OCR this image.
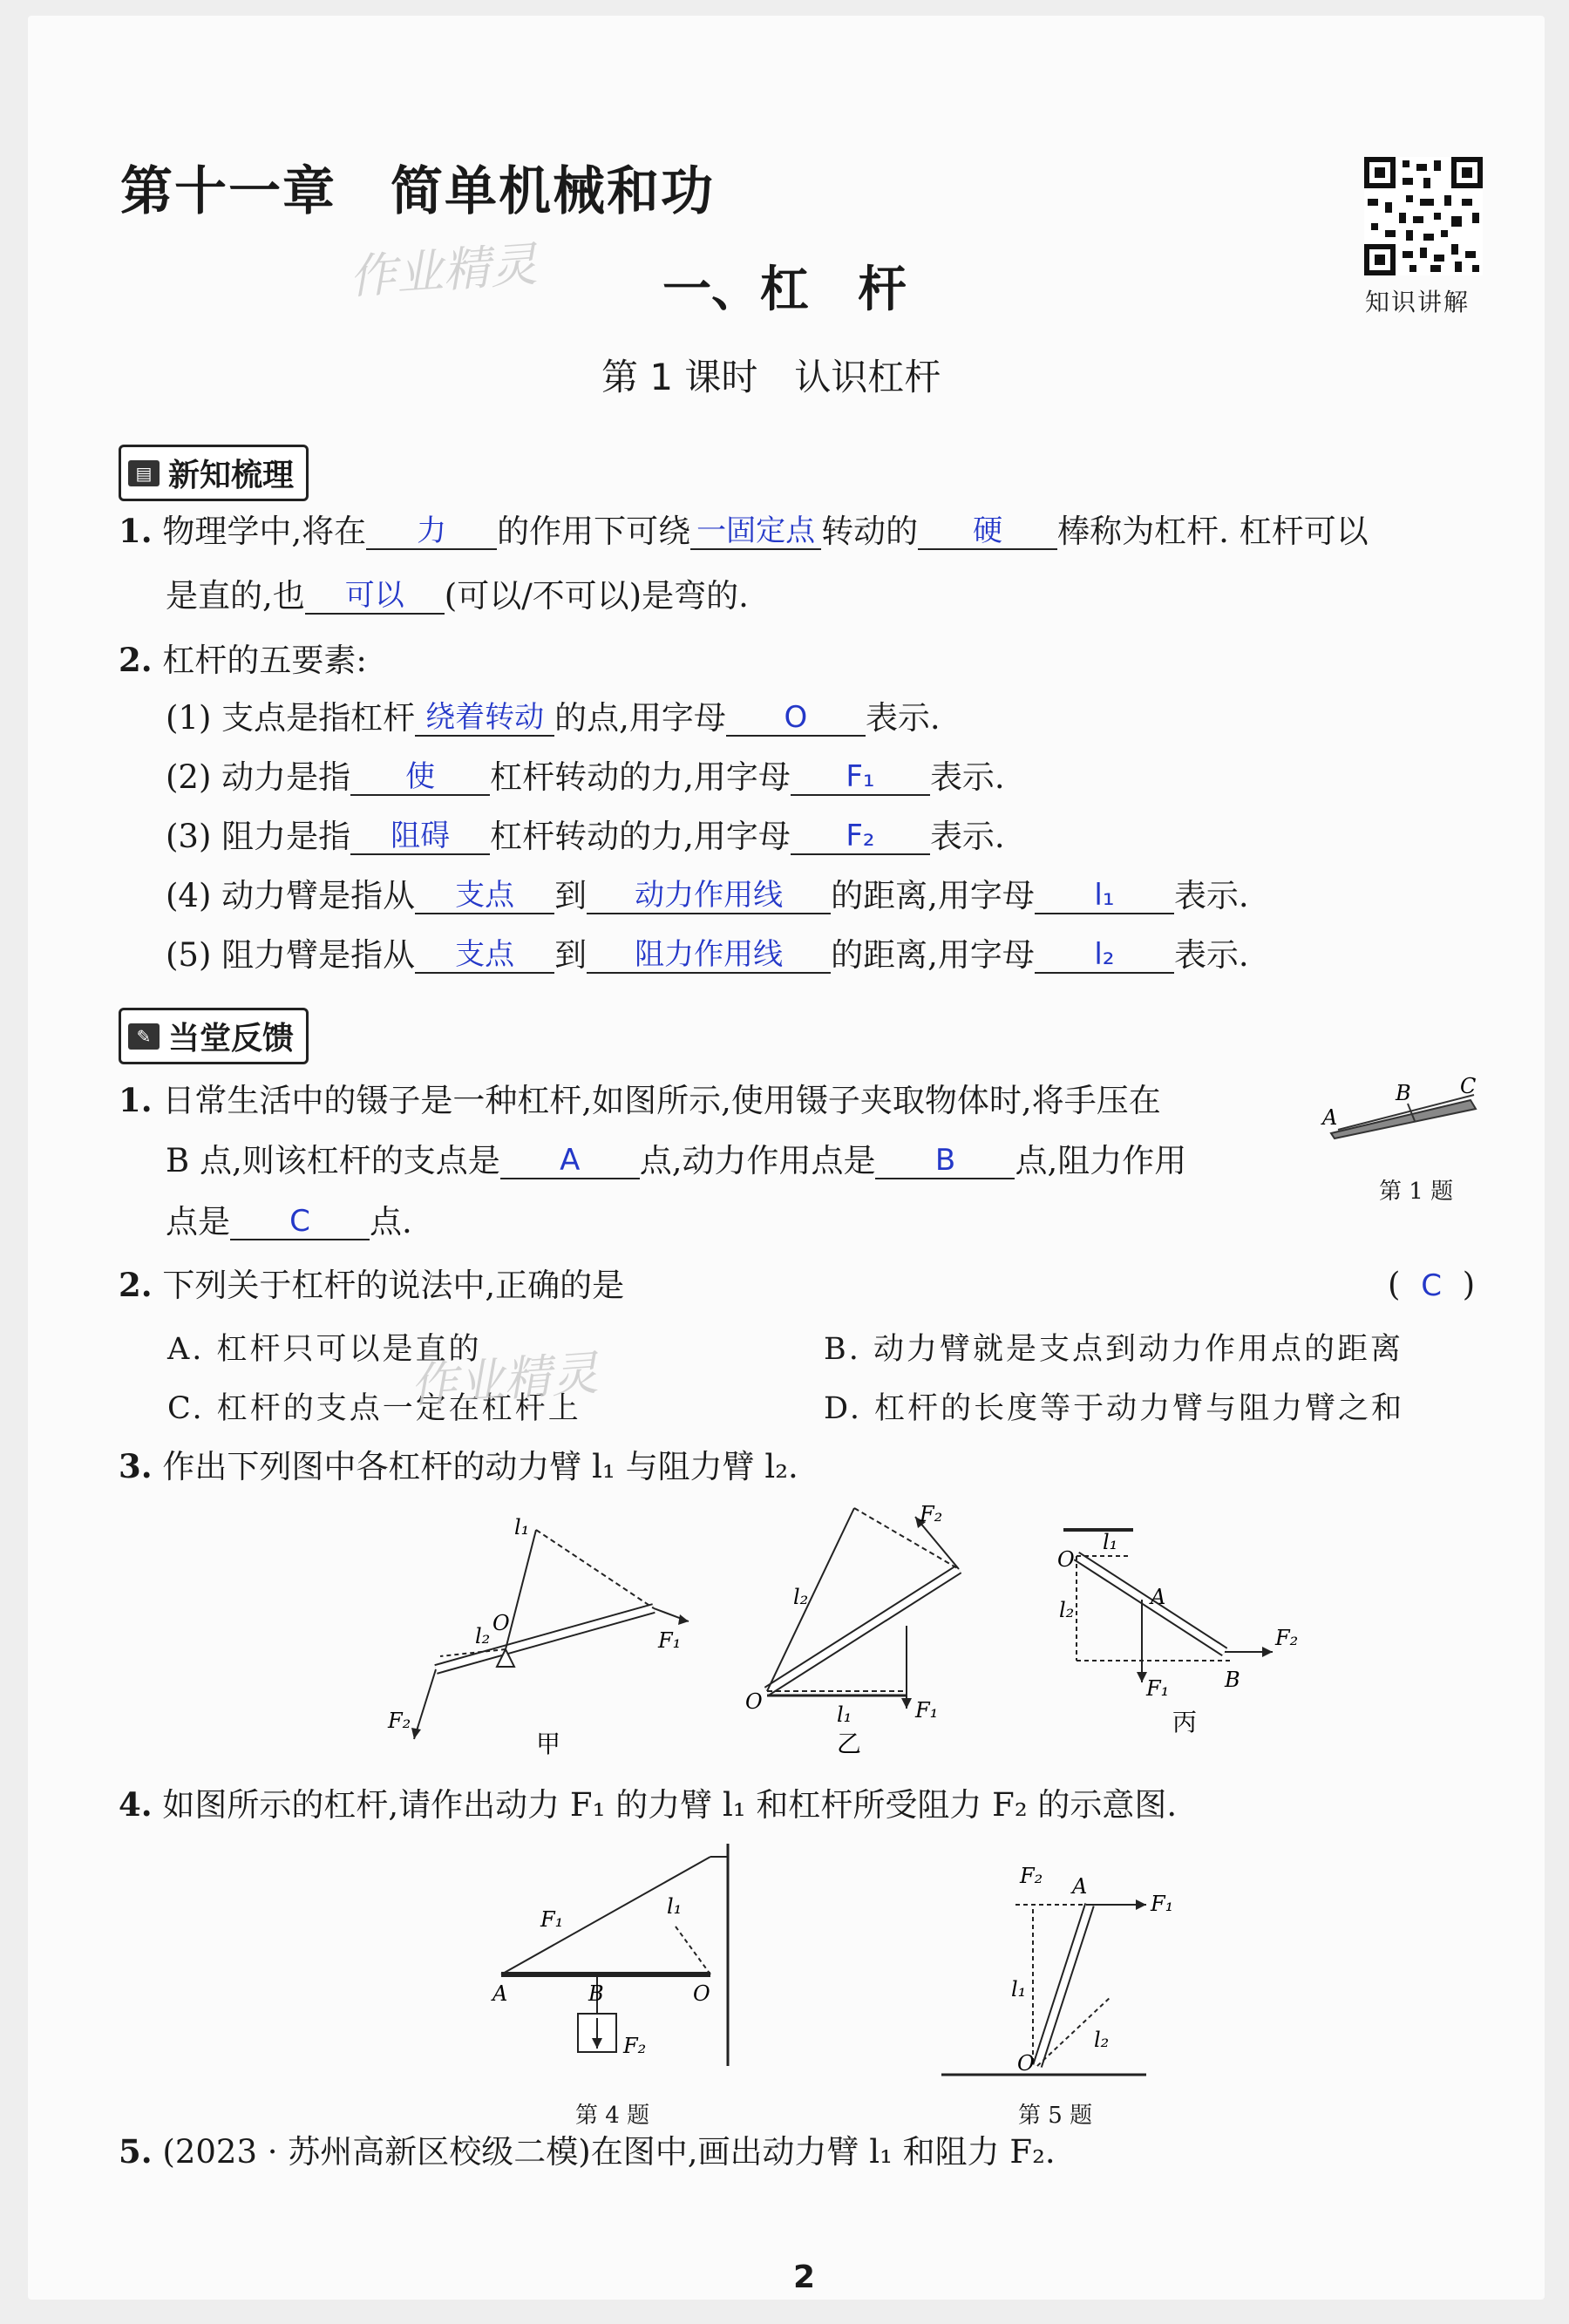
第十一章　简单机械和功
作业精灵	一、杠　杆
第 1 课时　认识杠杆
知识讲解
▤ 新知梳理
1. 物理学中,将在 力 的作用下可绕 一固定点 转动的 硬 棒称为杠杆. 杠杆可以
是直的,也 可以 (可以/不可以)是弯的.
2. 杠杆的五要素:
(1) 支点是指杠杆 绕着转动 的点,用字母 O 表示.
(2) 动力是指 使 杠杆转动的力,用字母 F₁ 表示.
(3) 阻力是指 阻碍 杠杆转动的力,用字母 F₂ 表示.
(4) 动力臂是指从 支点 到 动力作用线 的距离,用字母 l₁ 表示.
(5) 阻力臂是指从 支点 到 阻力作用线 的距离,用字母 l₂ 表示.
✎ 当堂反馈
1. 日常生活中的镊子是一种杠杆,如图所示,使用镊子夹取物体时,将手压在
B 点,则该杠杆的支点是 A 点,动力作用点是 B 点,阻力作用
点是 C 点.
A
B C
第 1 题
2. 下列关于杠杆的说法中,正确的是	( C )
A. 杠杆只可以是直的	B. 动力臂就是支点到动力作用点的距离
C. 杠杆的支点一定在杠杆上	D. 杠杆的长度等于动力臂与阻力臂之和
作业精灵
3. 作出下列图中各杠杆的动力臂 l₁ 与阻力臂 l₂.
l₁
l₂
O
F₁
F₂
甲
l₂
F₂
O	F₁
l₁
乙
O
l₁
l₂
A
B
F₂
F₁
丙
4. 如图所示的杠杆,请作出动力 F₁ 的力臂 l₁ 和杠杆所受阻力 F₂ 的示意图.
A	B	O
F₁
l₁
F₂
第 4 题
F₂ A
F₁
l₁
O
l₂
第 5 题
5. (2023 · 苏州高新区校级二模)在图中,画出动力臂 l₁ 和阻力 F₂.
2
